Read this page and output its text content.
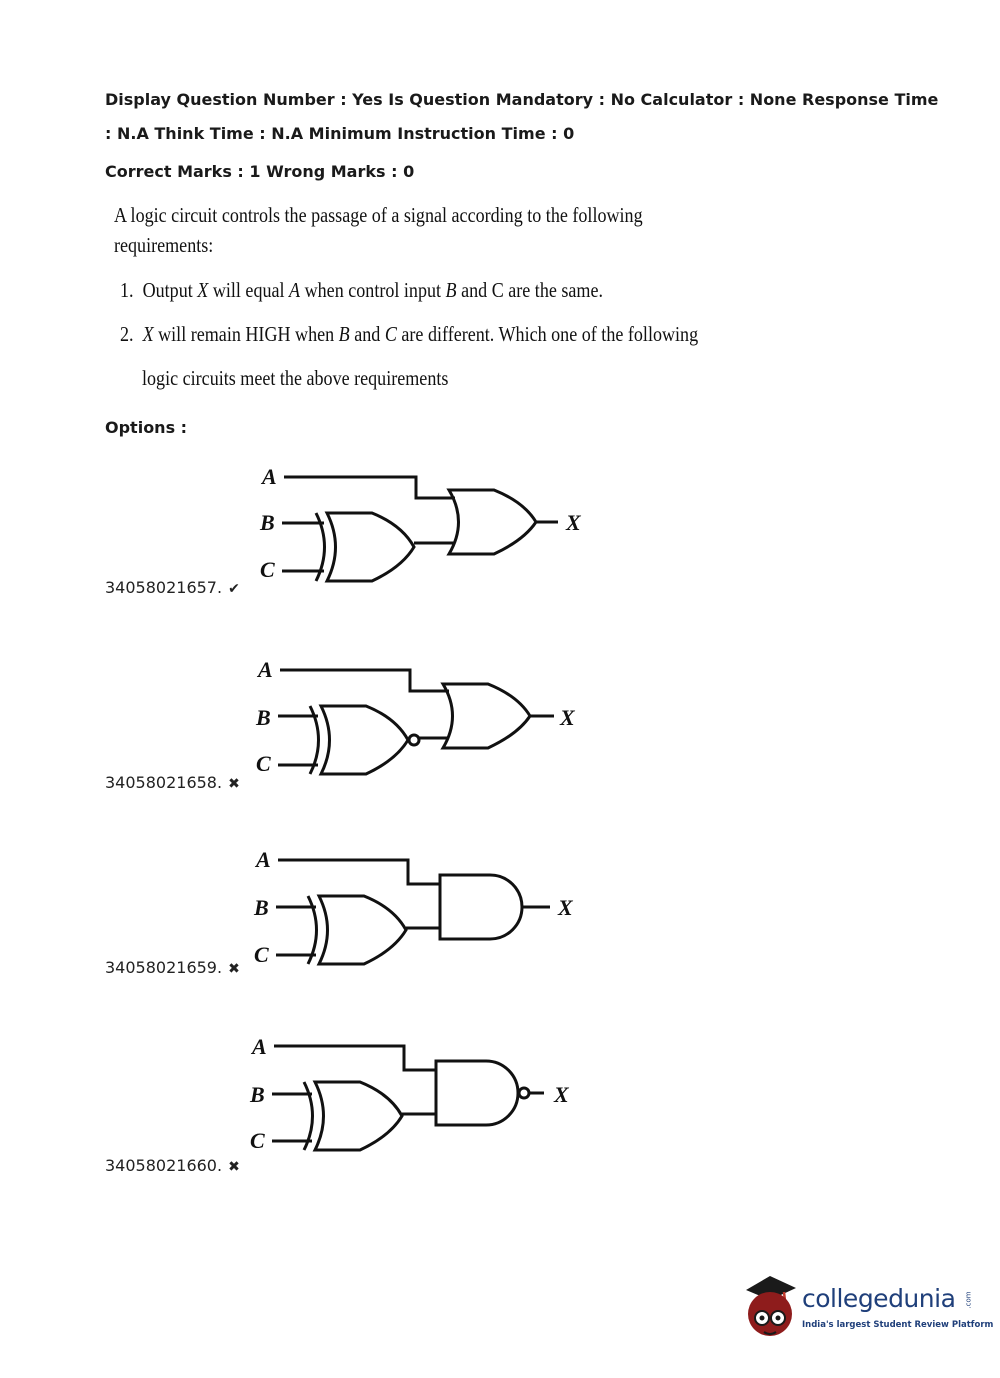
Display Question Number : Yes Is Question Mandatory : No Calculator : None Response Time
: N.A Think Time : N.A Minimum Instruction Time : 0
Correct Marks : 1 Wrong Marks : 0
A logic circuit controls the passage of a signal according to the following
requirements:
1. Output X will equal A when control input B and C are the same.
2. X will remain HIGH when B and C are different. Which one of the following
logic circuits meet the above requirements
Options :
A
B
C
X
34058021657. ✔
A
B
C
X
34058021658. ✖
A
B
C
X
34058021659. ✖
A
B
C
X
34058021660. ✖
collegedunia .com
India's largest Student Review Platform
